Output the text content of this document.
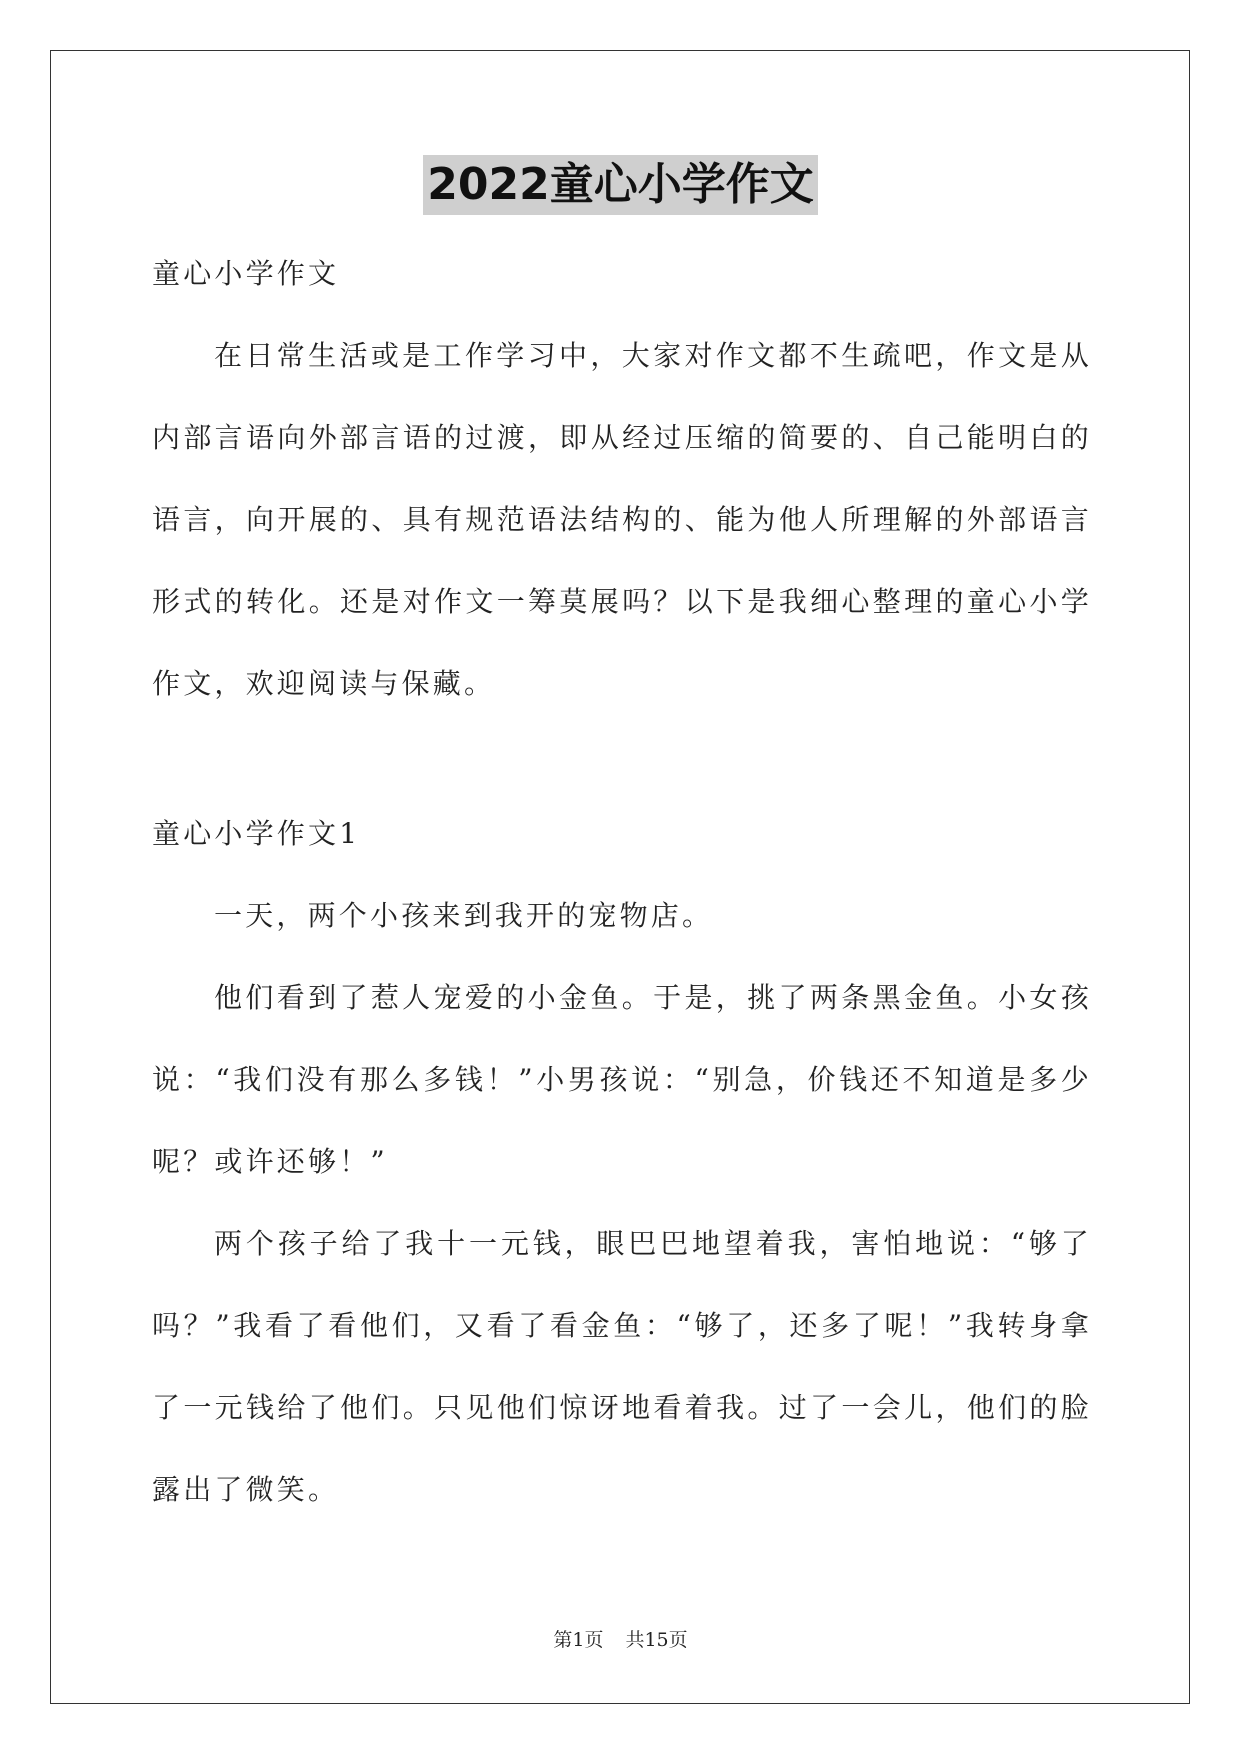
2022童心小学作文

童心小学作文

在日常生活或是工作学习中，大家对作文都不生疏吧，作文是从内部言语向外部言语的过渡，即从经过压缩的简要的、自己能明白的语言，向开展的、具有规范语法结构的、能为他人所理解的外部语言形式的转化。还是对作文一筹莫展吗？以下是我细心整理的童心小学作文，欢迎阅读与保藏。

童心小学作文1

一天，两个小孩来到我开的宠物店。

他们看到了惹人宠爱的小金鱼。于是，挑了两条黑金鱼。小女孩说：“我们没有那么多钱！”小男孩说：“别急，价钱还不知道是多少呢？或许还够！”

两个孩子给了我十一元钱，眼巴巴地望着我，害怕地说：“够了吗？”我看了看他们，又看了看金鱼：“够了，还多了呢！”我转身拿了一元钱给了他们。只见他们惊讶地看着我。过了一会儿，他们的脸露出了微笑。

第1页 共15页
